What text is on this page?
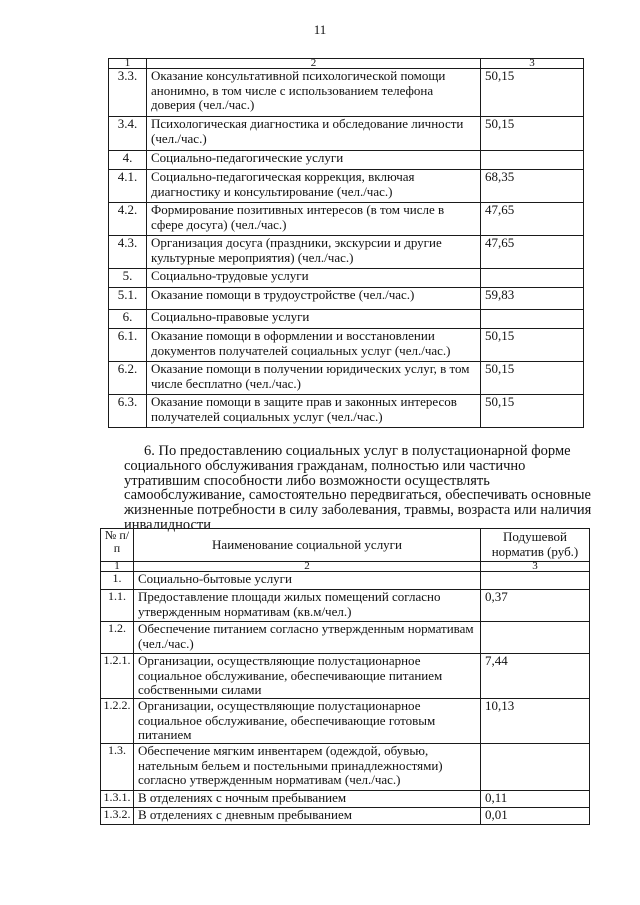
11
1	2	3
3.3.	Оказание консультативной психологической помощи анонимно, в том числе с использованием телефона доверия (чел./час.)	50,15
3.4.	Психологическая диагностика и обследование личности (чел./час.)	50,15
4.	Социально-педагогические услуги	
4.1.	Социально-педагогическая коррекция, включая диагностику и консультирование (чел./час.)	68,35
4.2.	Формирование позитивных интересов (в том числе в сфере досуга) (чел./час.)	47,65
4.3.	Организация досуга (праздники, экскурсии и другие культурные мероприятия) (чел./час.)	47,65
5.	Социально-трудовые услуги	
5.1.	Оказание помощи в трудоустройстве (чел./час.)	59,83
6.	Социально-правовые услуги	
6.1.	Оказание помощи в оформлении и восстановлении документов получателей социальных услуг (чел./час.)	50,15
6.2.	Оказание помощи в получении юридических услуг, в том числе бесплатно (чел./час.)	50,15
6.3.	Оказание помощи в защите прав и законных интересов получателей социальных услуг (чел./час.)	50,15
6. По предоставлению социальных услуг в полустационарной форме социального обслуживания гражданам, полностью или частично утратившим способности либо возможности осуществлять самообслуживание, самостоятельно передвигаться, обеспечивать основные жизненные потребности в силу заболевания, травмы, возраста или наличия инвалидности
№ п/п	Наименование социальной услуги	Подушевой норматив (руб.)
1	2	3
1.	Социально-бытовые услуги	
1.1.	Предоставление площади жилых помещений согласно утвержденным нормативам (кв.м/чел.)	0,37
1.2.	Обеспечение питанием согласно утвержденным нормативам (чел./час.)	
1.2.1.	Организации, осуществляющие полустационарное социальное обслуживание, обеспечивающие питанием собственными силами	7,44
1.2.2.	Организации, осуществляющие полустационарное социальное обслуживание, обеспечивающие готовым питанием	10,13
1.3.	Обеспечение мягким инвентарем (одеждой, обувью, нательным бельем и постельными принадлежностями) согласно утвержденным нормативам (чел./час.)	
1.3.1.	В отделениях с ночным пребыванием	0,11
1.3.2.	В отделениях с дневным пребыванием	0,01
